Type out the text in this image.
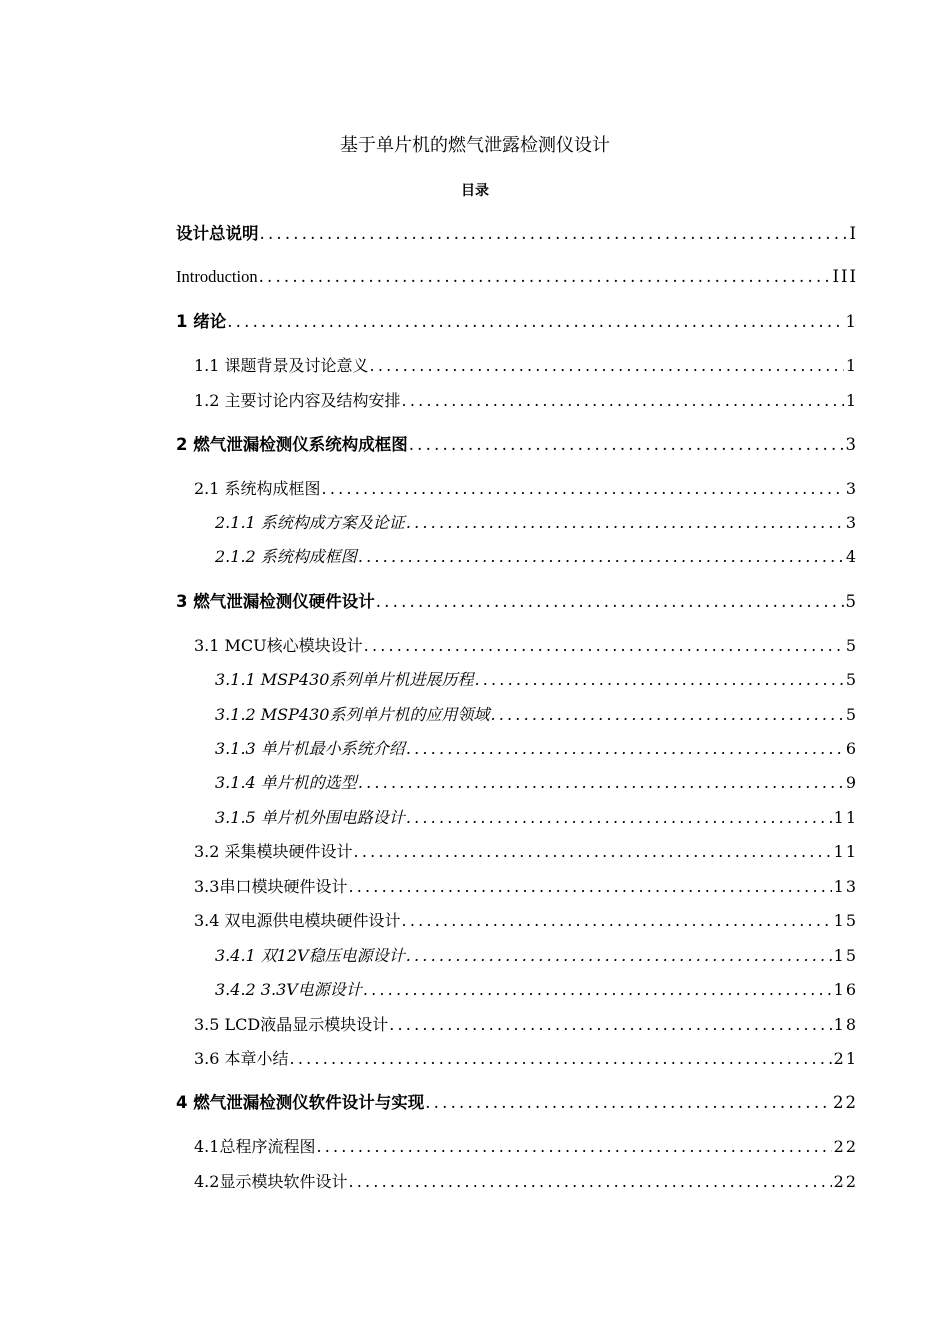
基于单片机的燃气泄露检测仪设计
目录
设计总说明 .....	I
Introduction .....	III
1 绪论 .....	1
1.1 课题背景及讨论意义 .....	1
1.2 主要讨论内容及结构安排 .....	1
2 燃气泄漏检测仪系统构成框图 .....	3
2.1 系统构成框图 .....	3
2.1.1 系统构成方案及论证 .....	3
2.1.2 系统构成框图 .....	4
3 燃气泄漏检测仪硬件设计 .....	5
3.1 MCU核心模块设计 .....	5
3.1.1 MSP430系列单片机进展历程 .....	5
3.1.2 MSP430系列单片机的应用领域 .....	5
3.1.3 单片机最小系统介绍 .....	6
3.1.4 单片机的选型 .....	9
3.1.5 单片机外围电路设计 .....	11
3.2 采集模块硬件设计 .....	11
3.3串口模块硬件设计 .....	13
3.4 双电源供电模块硬件设计 .....	15
3.4.1 双12V稳压电源设计 .....	15
3.4.2 3.3V电源设计 .....	16
3.5 LCD液晶显示模块设计 .....	18
3.6 本章小结 .....	21
4 燃气泄漏检测仪软件设计与实现 .....	22
4.1总程序流程图 .....	22
4.2显示模块软件设计 .....	22
